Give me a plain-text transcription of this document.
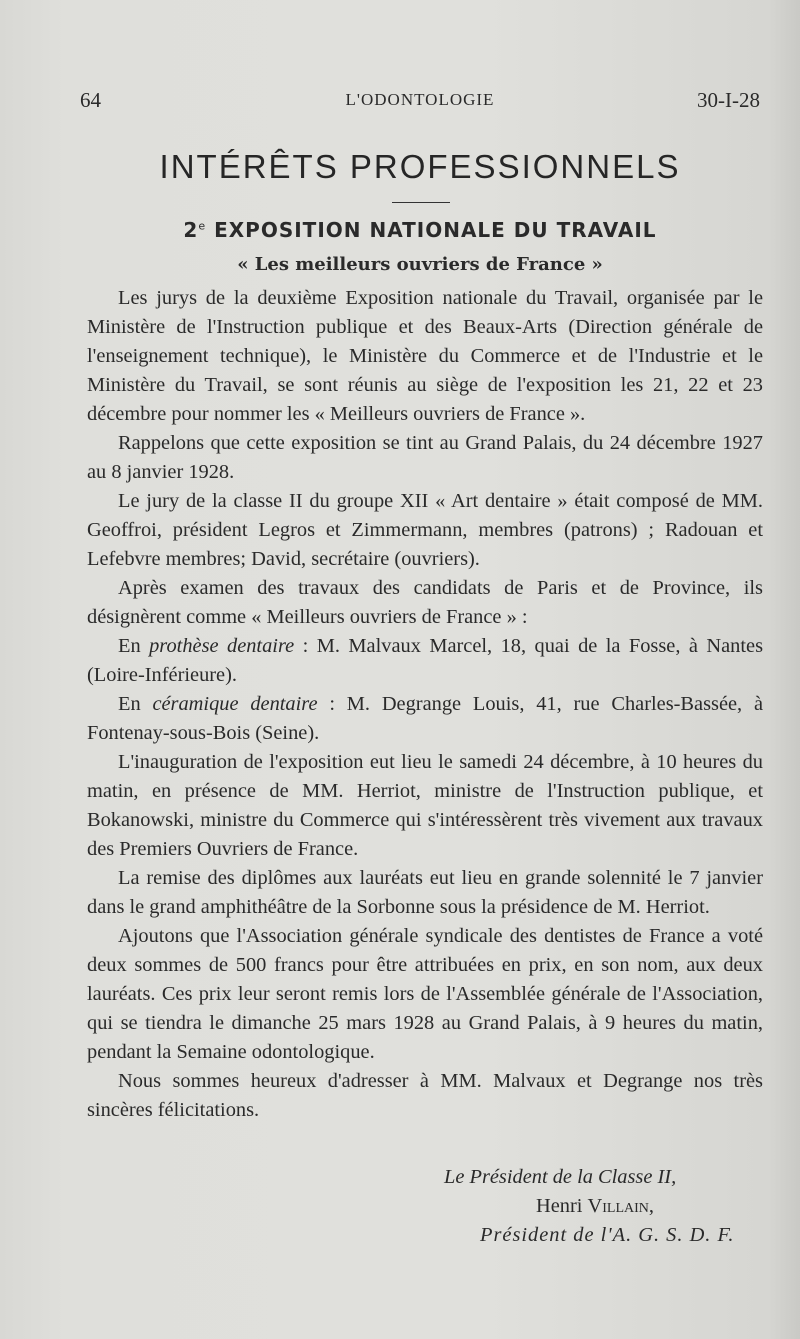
64	L'ODONTOLOGIE	30-I-28
INTÉRÊTS PROFESSIONNELS
2e EXPOSITION NATIONALE DU TRAVAIL
« Les meilleurs ouvriers de France »

Les jurys de la deuxième Exposition nationale du Travail, organisée par le Ministère de l'Instruction publique et des Beaux-Arts (Direction générale de l'enseignement technique), le Ministère du Commerce et de l'Industrie et le Ministère du Travail, se sont réunis au siège de l'exposition les 21, 22 et 23 décembre pour nommer les « Meilleurs ouvriers de France ».

Rappelons que cette exposition se tint au Grand Palais, du 24 décembre 1927 au 8 janvier 1928.

Le jury de la classe II du groupe XII « Art dentaire » était composé de MM. Geoffroi, président Legros et Zimmermann, membres (patrons) ; Radouan et Lefebvre membres; David, secrétaire (ouvriers).

Après examen des travaux des candidats de Paris et de Province, ils désignèrent comme « Meilleurs ouvriers de France » :

En prothèse dentaire : M. Malvaux Marcel, 18, quai de la Fosse, à Nantes (Loire-Inférieure).

En céramique dentaire : M. Degrange Louis, 41, rue Charles-Bassée, à Fontenay-sous-Bois (Seine).

L'inauguration de l'exposition eut lieu le samedi 24 décembre, à 10 heures du matin, en présence de MM. Herriot, ministre de l'Instruction publique, et Bokanowski, ministre du Commerce qui s'intéressèrent très vivement aux travaux des Premiers Ouvriers de France.

La remise des diplômes aux lauréats eut lieu en grande solennité le 7 janvier dans le grand amphithéâtre de la Sorbonne sous la présidence de M. Herriot.

Ajoutons que l'Association générale syndicale des dentistes de France a voté deux sommes de 500 francs pour être attribuées en prix, en son nom, aux deux lauréats. Ces prix leur seront remis lors de l'Assemblée générale de l'Association, qui se tiendra le dimanche 25 mars 1928 au Grand Palais, à 9 heures du matin, pendant la Semaine odontologique.

Nous sommes heureux d'adresser à MM. Malvaux et Degrange nos très sincères félicitations.

Le Président de la Classe II,
Henri Villain,
Président de l'A. G. S. D. F.
